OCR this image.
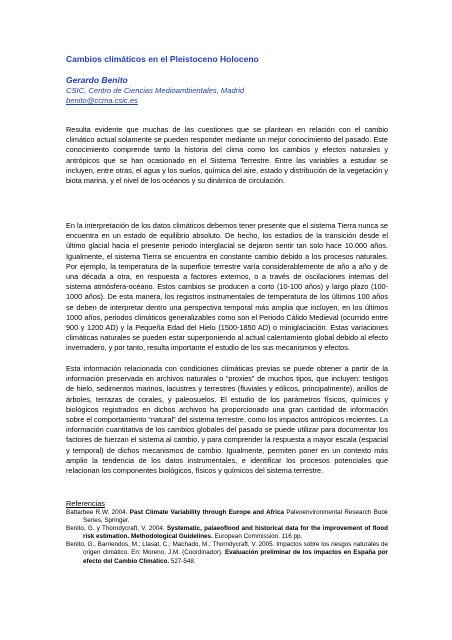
Cambios climáticos en el Pleistoceno Holoceno
Gerardo Benito
CSIC, Centro de Ciencias Medioambientales, Madrid
benito@ccma.csic.es

Resulta evidente que muchas de las cuestiones que se plantean en relación con el cambio climático actual solamente se pueden responder mediante un mejor conocimiento del pasado. Este conocimiento comprende tanto la historia del clima como los cambios y efectos naturales y antrópicos que se han ocasionado en el Sistema Terrestre. Entre las variables a estudiar se incluyen, entre otras, el agua y los suelos, química del aire, estado y distribución de la vegetación y biota marina, y el nivel de los océanos y su dinámica de circulación.

En la interpretación de los datos climáticos debemos tener presente que el sistema Tierra nunca se encuentra en un estado de equilibrio absoluto. De hecho, los estadios de la transición desde el último glacial hacia el presente periodo interglacial se dejaron sentir tan solo hace 10.000 años. Igualmente, el sistema Tierra se encuentra en constante cambio debido a los procesos naturales. Por ejemplo, la temperatura de la superficie terrestre varía considerablemente de año a año y de una década a otra, en respuesta a factores externos, o a través de oscilaciones internas del sistema atmósfera-océano. Estos cambios se producen a corto (10-100 años) y largo plazo (100-1000 años). De esta manera, los registros instrumentales de temperatura de los últimos 100 años se deben de interpretar dentro una perspectiva temporal más amplia que incluyen, en los últimos 1000 años, periodos climáticos generalizables como son el Periodo Cálido Medieval (ocurrido entre 900 y 1200 AD) y la Pequeña Edad del Hielo (1500-1850 AD) o miniglaciación. Estas variaciones climáticas naturales se pueden estar superponiendo al actual calentamiento global debido al efecto invernadero, y por tanto, resulta importante el estudio de los sus mecanismos y efectos.

Esta información relacionada con condiciones climáticas previas se puede obtener a partir de la información preservada en archivos naturales o “proxies” de muchos tipos, que incluyen: testigos de hielo, sedimentos marinos, lacustres y terrestres (fluviales y eólicos, principalmente), anillos de árboles, terrazas de corales, y paleosuelos. El estudio de los parámetros físicos, químicos y biológicos registrados en dichos archivos ha proporcionado una gran cantidad de información sobre el comportamiento “natural” del sistema terrestre, como los impactos antrópicos recientes. La información cuantitativa de los cambios globales del pasado se puede utilizar para documentar los factores de fuerzan el sistema al cambio, y para comprender la respuesta a mayor escala (espacial y temporal) de dichos mecanismos de cambio. Igualmente, permiten poner en un contexto más amplio la tendencia de los datos instrumentales, e identificar los procesos potenciales que relacionan los componentes biológicos, físicos y químicos del sistema terrestre.

Referencias

Battarbee R.W. 2004. Past Climate Variability through Europe and Africa Paleoenvironmental Research Book Series, Springer.

Benito, G. y Thorndycraft, V. 2004. Systematic, palaeoflood and historical data for the improvement of flood risk estimation. Methodological Guidelines. European Commission. 116 pp.

Benito, G., Barriendos, M.; Llasat, C.; Machado, M.; Thorndycraft, V. 2005. Impactos sobre los riesgos naturales de origen climático. En: Moreno, J.M. (Coordinador). Evaluación preliminar de los impactos en España por efecto del Cambio Climático. 527-548.
